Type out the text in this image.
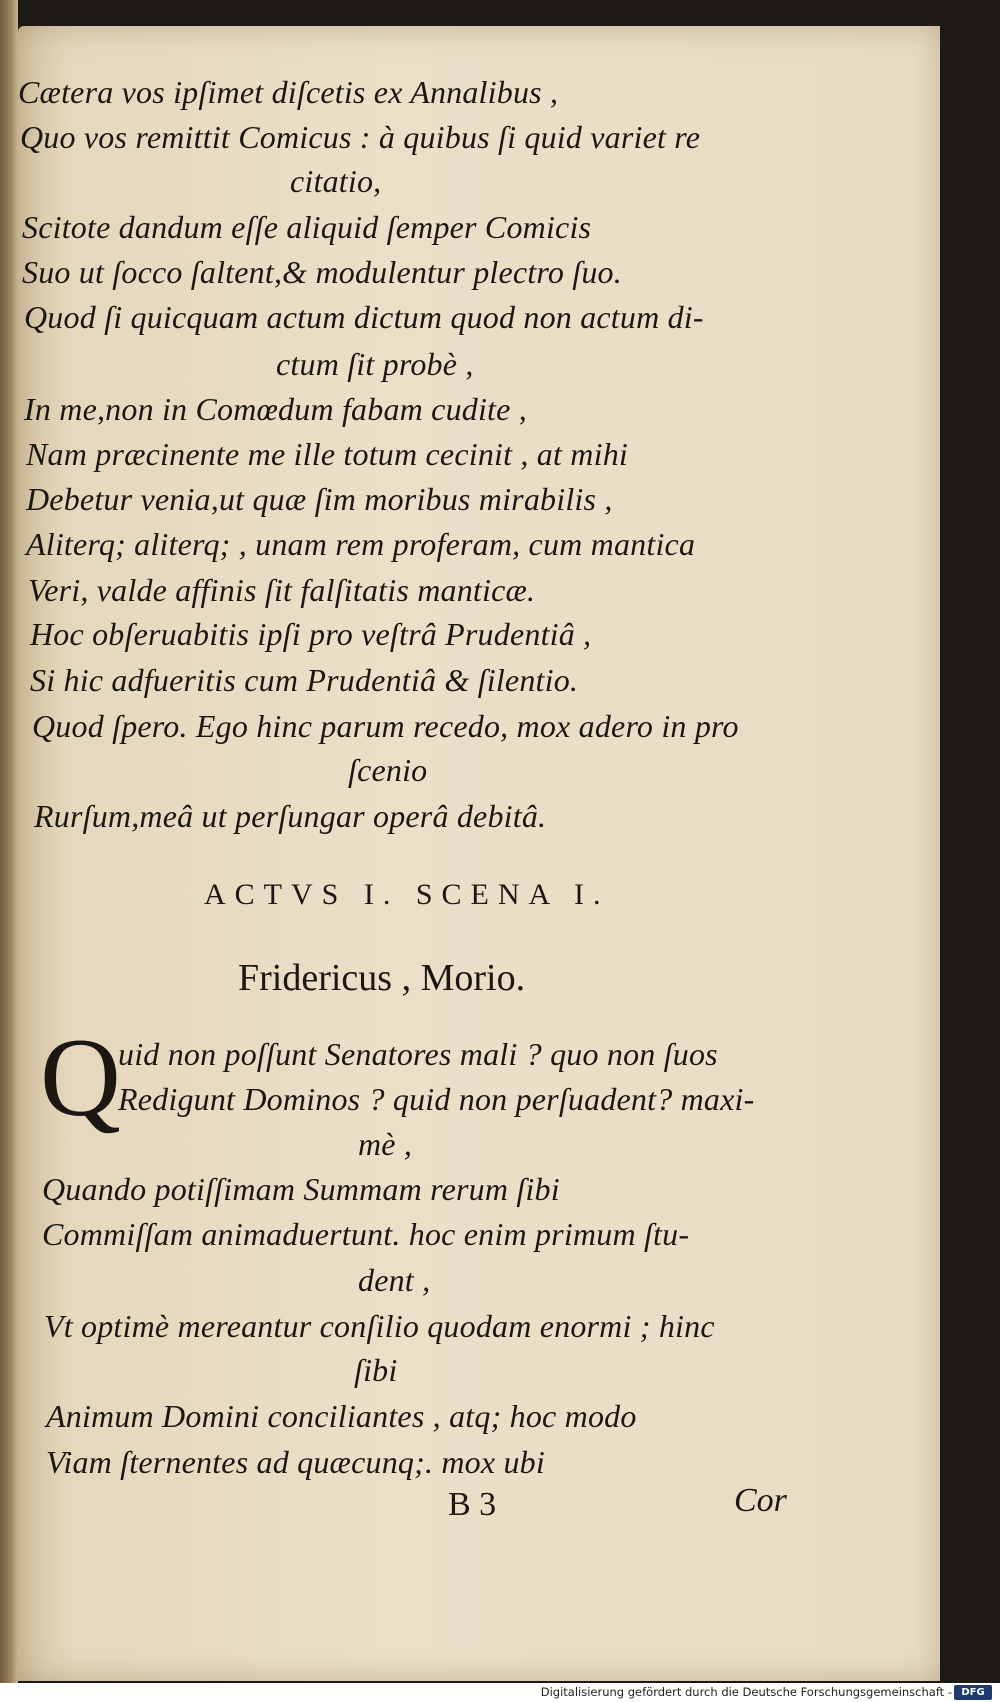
Cætera vos ipſimet diſcetis ex Annalibus ,
Quo vos remittit Comicus : à quibus ſi quid variet re
citatio,
Scitote dandum eſſe aliquid ſemper Comicis
Suo ut ſocco ſaltent,& modulentur plectro ſuo.
Quod ſi quicquam actum dictum quod non actum di-
ctum ſit probè ,
In me,non in Comœdum fabam cudite ,
Nam præcinente me ille totum cecinit , at mihi
Debetur venia,ut quæ ſim moribus mirabilis ,
Aliterq; aliterq; , unam rem proferam, cum mantica
Veri, valde affinis ſit falſitatis manticæ.
Hoc obſeruabitis ipſi pro veſtrâ Prudentiâ ,
Si hic adfueritis cum Prudentiâ & ſilentio.
Quod ſpero. Ego hinc parum recedo, mox adero in pro
ſcenio
Rurſum,meâ ut perſungar operâ debitâ.
ACTVS I. SCENA I.
Fridericus , Morio.
Q
uid non poſſunt Senatores mali ? quo non ſuos
Redigunt Dominos ? quid non perſuadent? maxi-
mè ,
Quando potiſſimam Summam rerum ſibi
Commiſſam animaduertunt. hoc enim primum ſtu-
dent ,
Vt optimè mereantur conſilio quodam enormi ; hinc
ſibi
Animum Domini conciliantes , atq; hoc modo
Viam ſternentes ad quæcunq;. mox ubi
B 3	Cor
Digitalisierung gefördert durch die Deutsche Forschungsgemeinschaft - DFG
